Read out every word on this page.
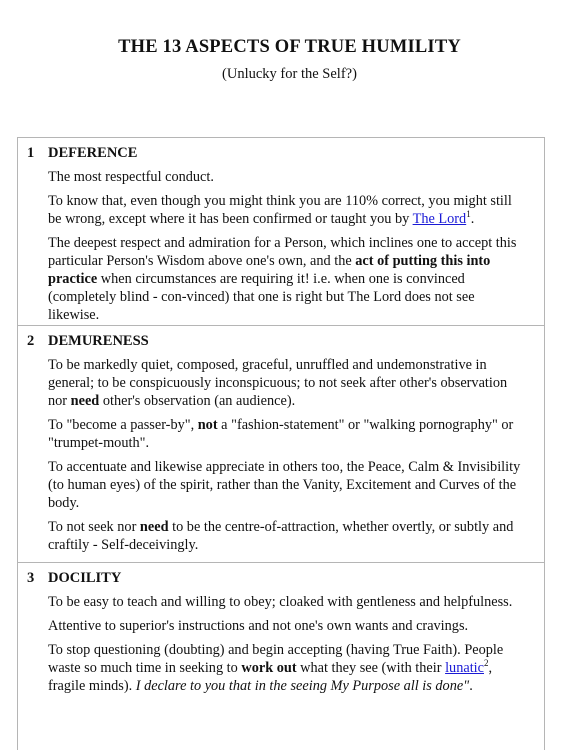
THE 13 ASPECTS OF TRUE HUMILITY
(Unlucky for the Self?)
1 DEFERENCE

The most respectful conduct.

To know that, even though you might think you are 110% correct, you might still be wrong, except where it has been confirmed or taught you by The Lord$^1$.

The deepest respect and admiration for a Person, which inclines one to accept this particular Person's Wisdom above one's own, and the act of putting this into practice when circumstances are requiring it! i.e. when one is convinced (completely blind - con-vinced) that one is right but The Lord does not see likewise.

2 DEMURENESS

To be markedly quiet, composed, graceful, unruffled and undemonstrative in general; to be conspicuously inconspicuous; to not seek after other's observation nor need other's observation (an audience).

To "become a passer-by", not a "fashion-statement" or "walking pornography" or "trumpet-mouth".

To accentuate and likewise appreciate in others too, the Peace, Calm & Invisibility (to human eyes) of the spirit, rather than the Vanity, Excitement and Curves of the body.

To not seek nor need to be the centre-of-attraction, whether overtly, or subtly and craftily - Self-deceivingly.

3 DOCILITY

To be easy to teach and willing to obey; cloaked with gentleness and helpfulness.

Attentive to superior's instructions and not one's own wants and cravings.

To stop questioning (doubting) and begin accepting (having True Faith). People waste so much time in seeking to work out what they see (with their lunatic$^2$, fragile minds). I declare to you that in the seeing My Purpose all is done".
